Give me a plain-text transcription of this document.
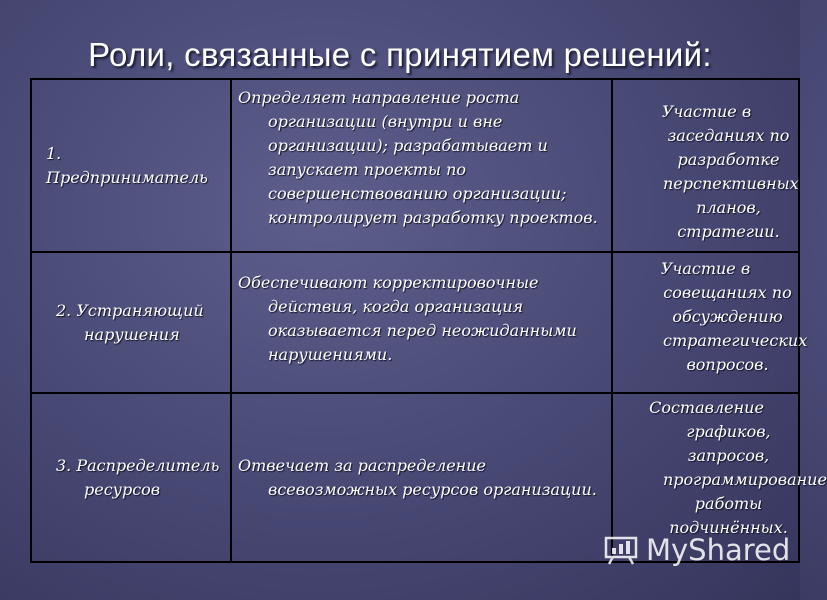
Роли, связанные с принятием решений:
1. Предприниматель	Определяет направление роста организации (внутри и вне организации); разрабатывает и запускает проекты по совершенствованию организации; контролирует разработку проектов.	Участие в заседаниях по разработке перспективных планов, стратегии.

2. Устраняющий нарушения	Обеспечивают корректировочные действия, когда организация оказывается перед неожиданными нарушениями.	Участие в совещаниях по обсуждению стратегических вопросов.

3. Распределитель ресурсов	Отвечает за распределение всевозможных ресурсов организации.	Составление графиков, запросов, программирование работы подчинённых.
MyShared
